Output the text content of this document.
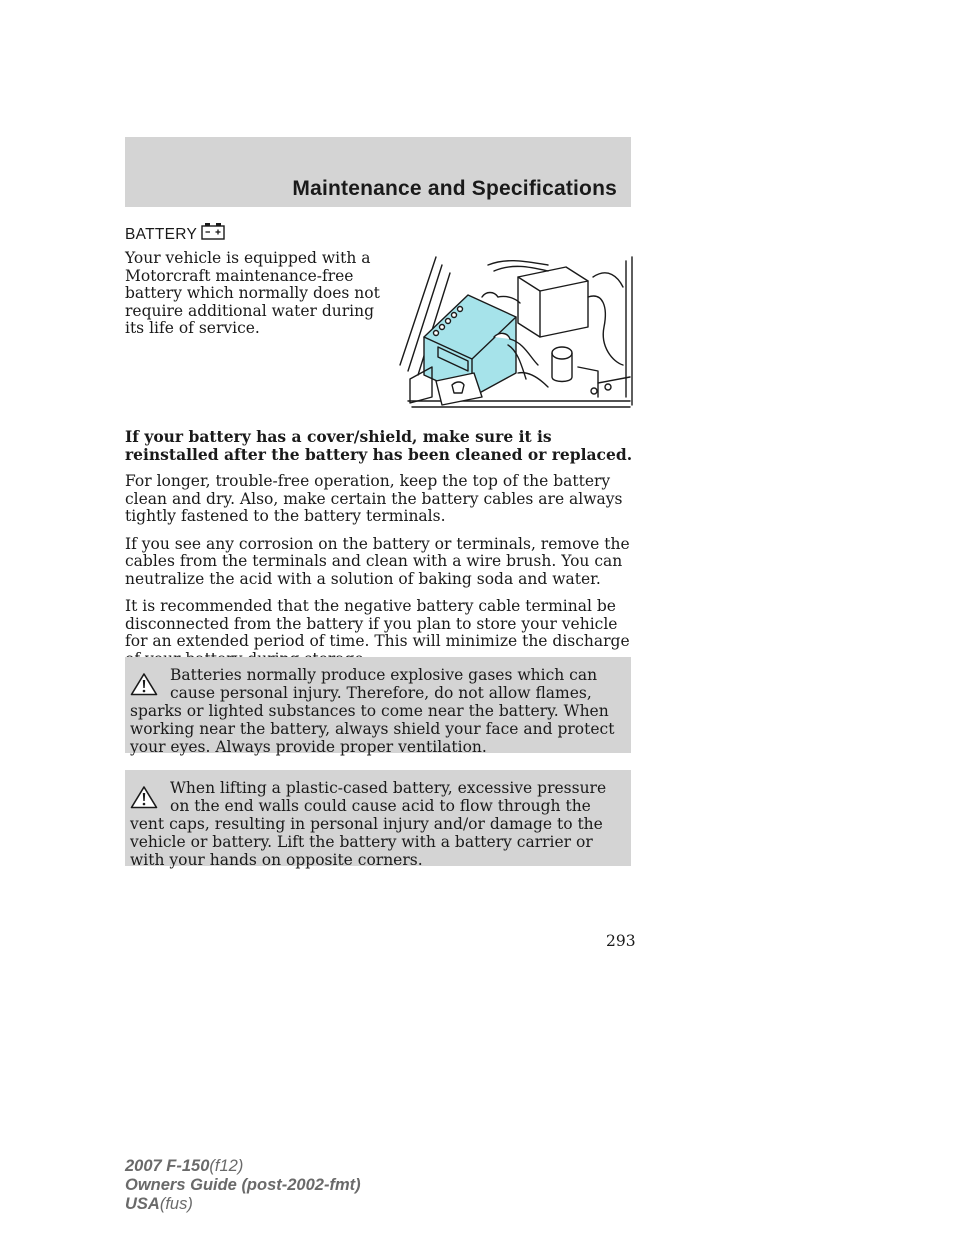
Maintenance and Specifications
BATTERY
Your vehicle is equipped with a Motorcraft maintenance-free battery which normally does not require additional water during its life of service.

If your battery has a cover/shield, make sure it is reinstalled after the battery has been cleaned or replaced.

For longer, trouble-free operation, keep the top of the battery clean and dry. Also, make certain the battery cables are always tightly fastened to the battery terminals.

If you see any corrosion on the battery or terminals, remove the cables from the terminals and clean with a wire brush. You can neutralize the acid with a solution of baking soda and water.

It is recommended that the negative battery cable terminal be disconnected from the battery if you plan to store your vehicle for an extended period of time. This will minimize the discharge

Batteries normally produce explosive gases which can cause personal injury. Therefore, do not allow flames, sparks or lighted substances to come near the battery. When working near the battery, always shield your face and protect your eyes. Always provide proper ventilation.

When lifting a plastic-cased battery, excessive pressure on the end walls could cause acid to flow through the vent caps, resulting in personal injury and/or damage to the vehicle or battery. Lift the battery with a battery carrier or with your hands on opposite corners.

293
2007 F-150(f12)
Owners Guide (post-2002-fmt)
USA(fus)
